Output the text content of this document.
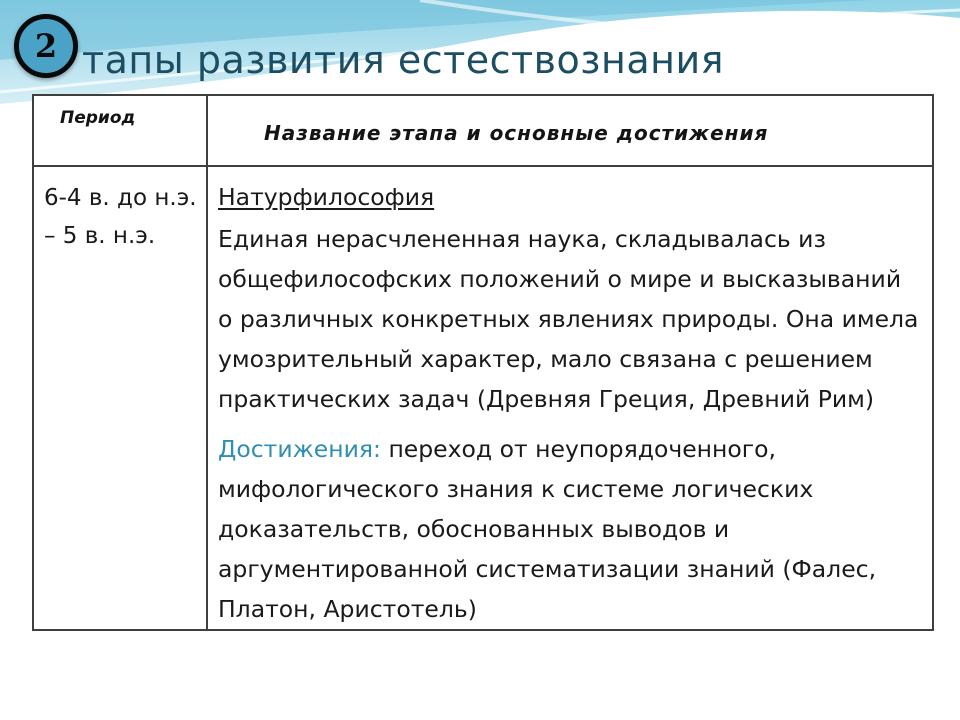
2 тапы развития естествознания
Период	Название этапа и основные достижения
6-4 в. до н.э. – 5 в. н.э.	Натурфилософия
Единая нерасчлененная наука, складывалась из общефилософских положений о мире и высказываний о различных конкретных явлениях природы. Она имела умозрительный характер, мало связана с решением практических задач (Древняя Греция, Древний Рим)
Достижения: переход от неупорядоченного, мифологического знания к системе логических доказательств, обоснованных выводов и аргументированной систематизации знаний (Фалес, Платон, Аристотель)
